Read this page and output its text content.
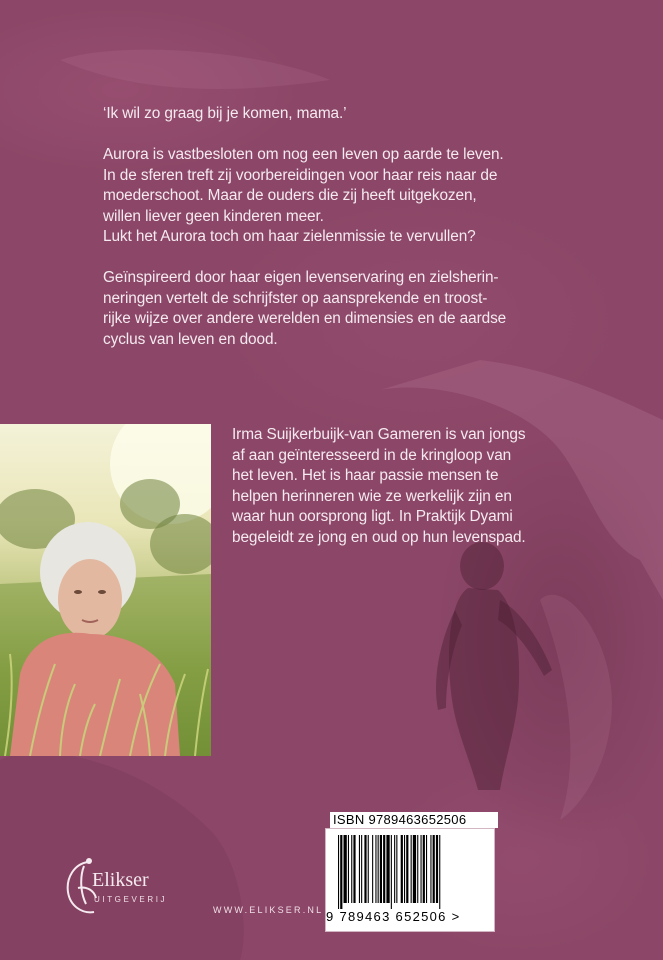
‘Ik wil zo graag bij je komen, mama.’

Aurora is vastbesloten om nog een leven op aarde te leven.
In de sferen treft zij voorbereidingen voor haar reis naar de
moederschoot. Maar de ouders die zij heeft uitgekozen,
willen liever geen kinderen meer.
Lukt het Aurora toch om haar zielenmissie te vervullen?

Geïnspireerd door haar eigen levenservaring en zielsherin-
neringen vertelt de schrijfster op aansprekende en troost-
rijke wijze over andere werelden en dimensies en de aardse
cyclus van leven en dood.

Irma Suijkerbuijk-van Gameren is van jongs
af aan geïnteresseerd in de kringloop van
het leven. Het is haar passie mensen te
helpen herinneren wie ze werkelijk zijn en
waar hun oorsprong ligt. In Praktijk Dyami
begeleidt ze jong en oud op hun levenspad.
ISBN 9789463652506
9 789463 652506 >
Elikser
UITGEVERIJ
WWW.ELIKSER.NL
